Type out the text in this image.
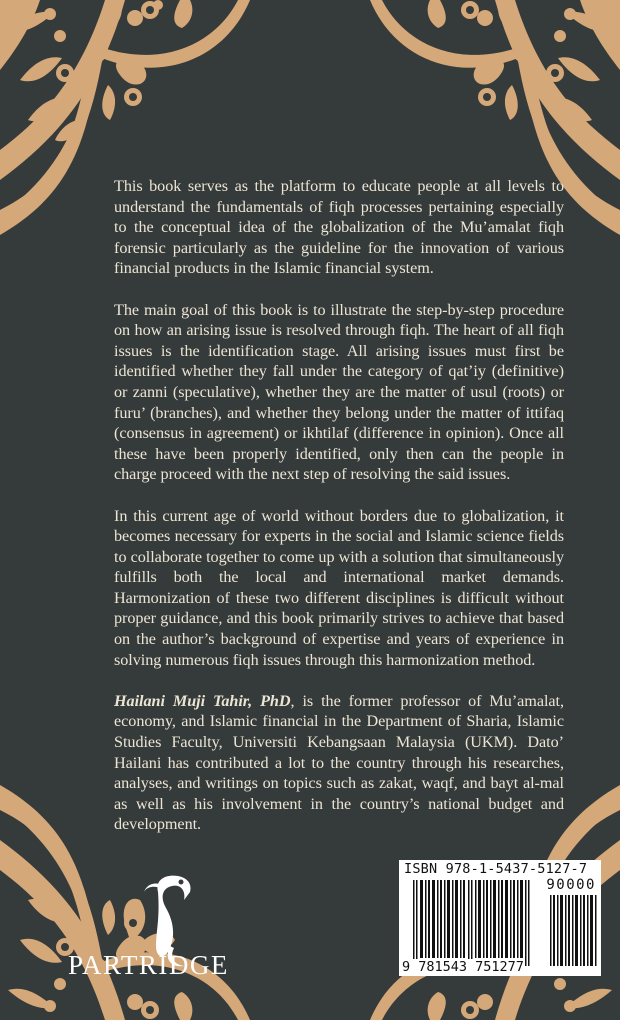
This book serves as the platform to educate people at all levels to understand the fundamentals of fiqh processes pertaining especially to the conceptual idea of the globalization of the Mu’amalat fiqh forensic particularly as the guideline for the innovation of various financial products in the Islamic financial system.

The main goal of this book is to illustrate the step-by-step procedure on how an arising issue is resolved through fiqh. The heart of all fiqh issues is the identification stage. All arising issues must first be identified whether they fall under the category of qat’iy (definitive) or zanni (speculative), whether they are the matter of usul (roots) or furu’ (branches), and whether they belong under the matter of ittifaq (consensus in agreement) or ikhtilaf (difference in opinion). Once all these have been properly identified, only then can the people in charge proceed with the next step of resolving the said issues.

In this current age of world without borders due to globalization, it becomes necessary for experts in the social and Islamic science fields to collaborate together to come up with a solution that simultaneously fulfills both the local and international market demands. Harmonization of these two different disciplines is difficult without proper guidance, and this book primarily strives to achieve that based on the author’s background of expertise and years of experience in solving numerous fiqh issues through this harmonization method.

Hailani Muji Tahir, PhD, is the former professor of Mu’amalat, economy, and Islamic financial in the Department of Sharia, Islamic Studies Faculty, Universiti Kebangsaan Malaysia (UKM). Dato’ Hailani has contributed a lot to the country through his researches, analyses, and writings on topics such as zakat, waqf, and bayt al-mal as well as his involvement in the country’s national budget and development.

PARTRIDGE
ISBN 978-1-5437-5127-7
90000
9 781543 751277
